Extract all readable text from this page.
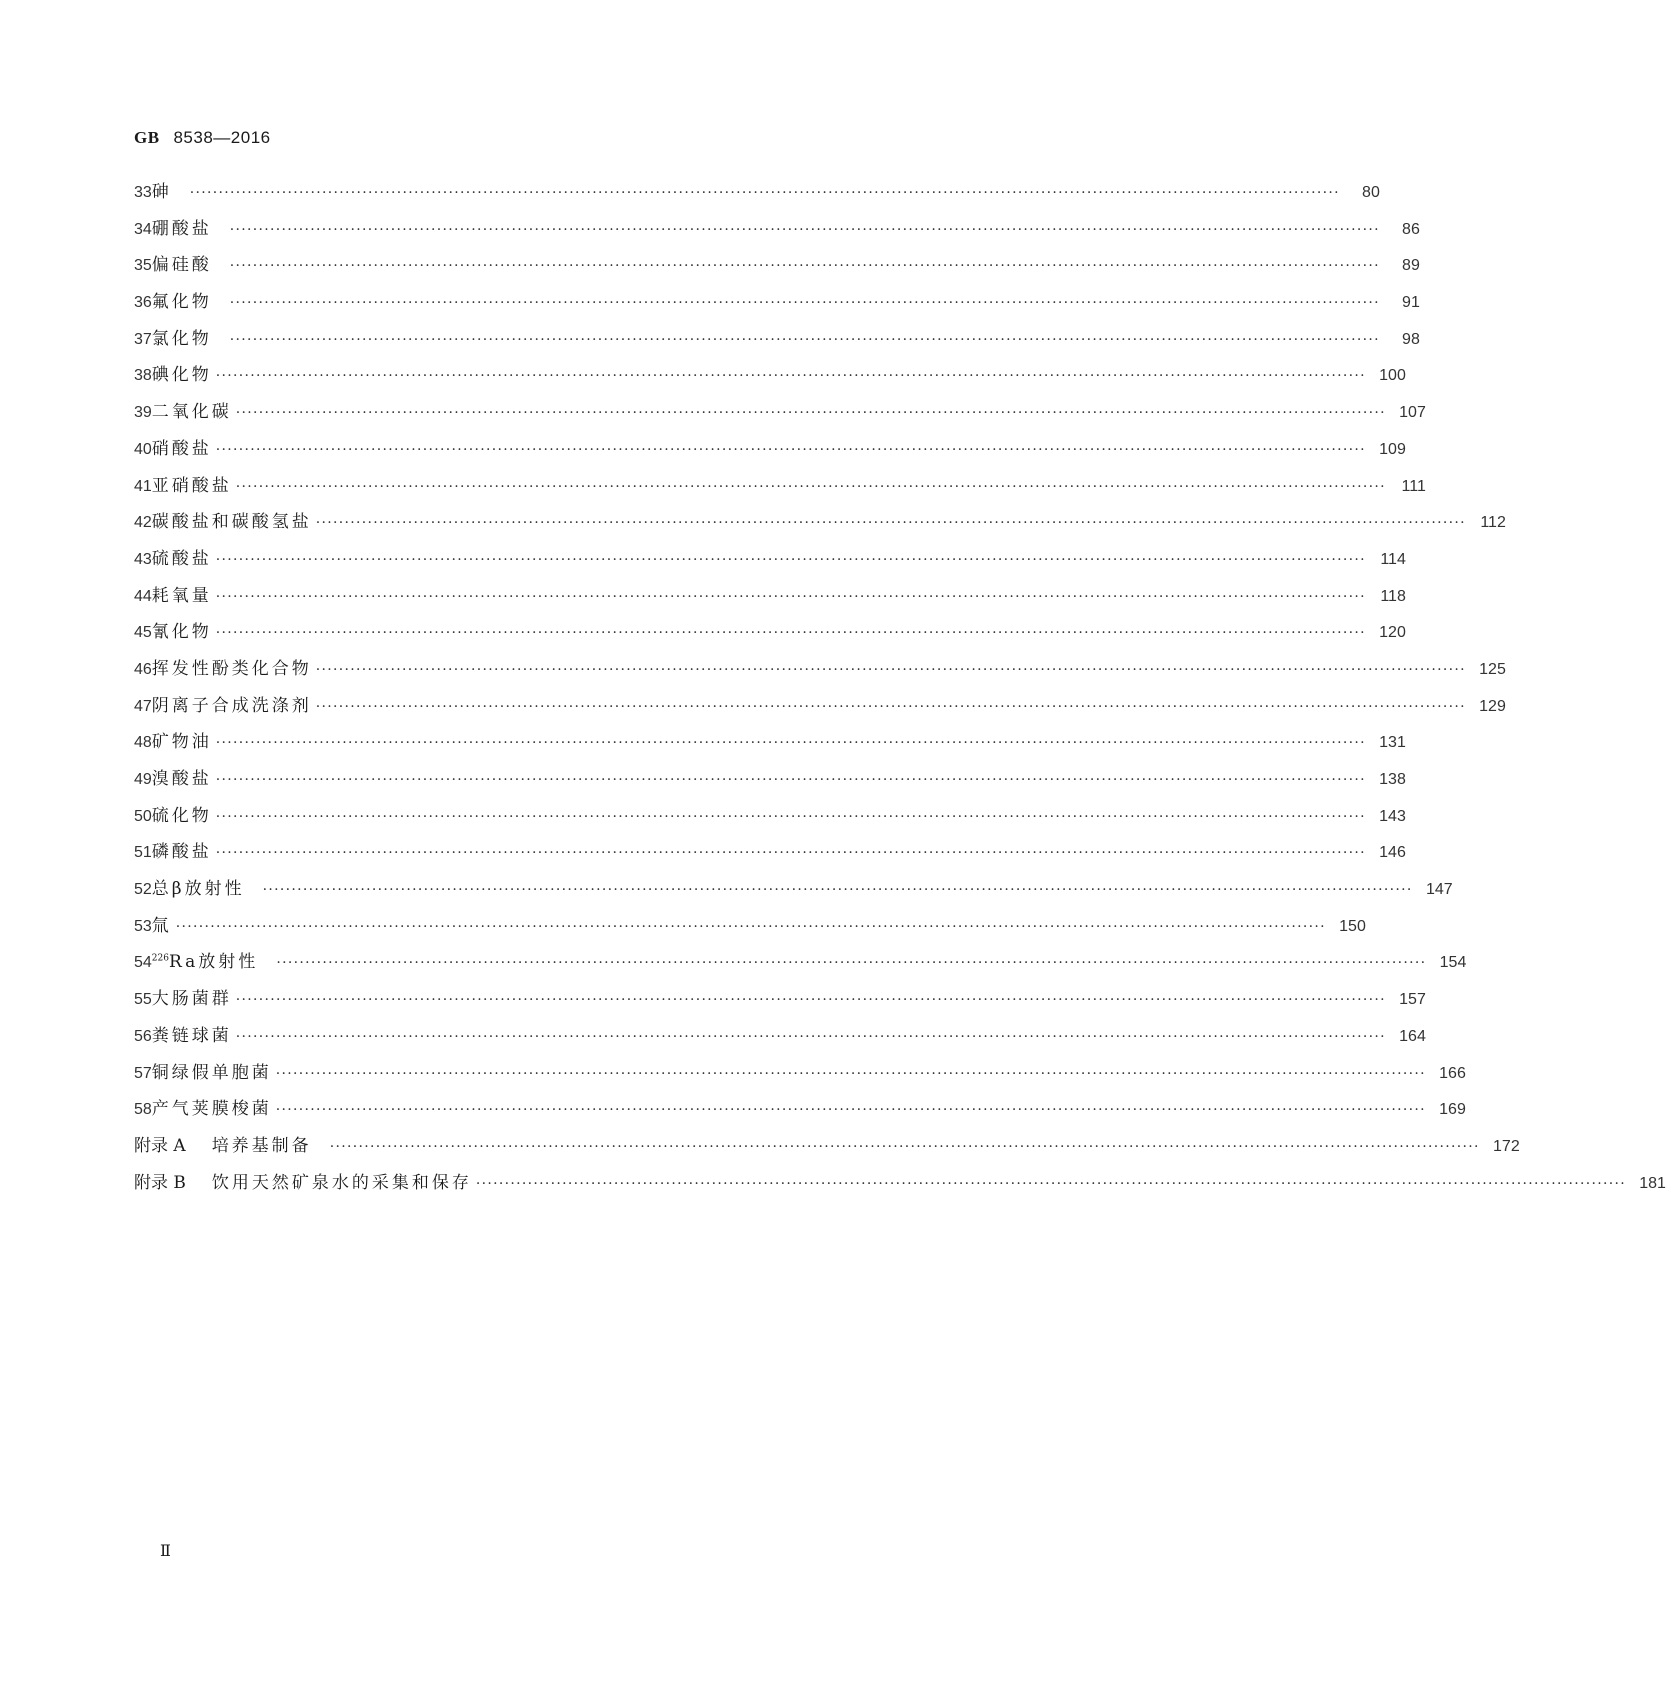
GB 8538—2016
33 砷 ········································································································································································································	80
34 硼酸盐 ········································································································································································································	86
35 偏硅酸 ········································································································································································································	89
36 氟化物 ········································································································································································································	91
37 氯化物 ········································································································································································································	98
38 碘化物 ········································································································································································································ 100
39 二氧化碳 ········································································································································································································ 107
40 硝酸盐 ········································································································································································································ 109
41 亚硝酸盐 ········································································································································································································ 111
42 碳酸盐和碳酸氢盐 ········································································································································································································ 112
43 硫酸盐 ········································································································································································································ 114
44 耗氧量 ········································································································································································································ 118
45 氰化物 ········································································································································································································ 120
46 挥发性酚类化合物 ········································································································································································································ 125
47 阴离子合成洗涤剂 ········································································································································································································ 129
48 矿物油 ········································································································································································································ 131
49 溴酸盐 ········································································································································································································ 138
50 硫化物 ········································································································································································································ 143
51 磷酸盐 ········································································································································································································ 146
52 总β放射性 ········································································································································································································ 147
53 氚 ········································································································································································································ 150
54 $^{226}$Ra放射性 ········································································································································································································ 154
55 大肠菌群 ········································································································································································································ 157
56 粪链球菌 ········································································································································································································ 164
57 铜绿假单胞菌 ········································································································································································································ 166
58 产气荚膜梭菌 ········································································································································································································ 169
附录 A 培养基制备 ········································································································································································································ 172
附录 B 饮用天然矿泉水的采集和保存 ········································································································································································································ 181
Ⅱ
